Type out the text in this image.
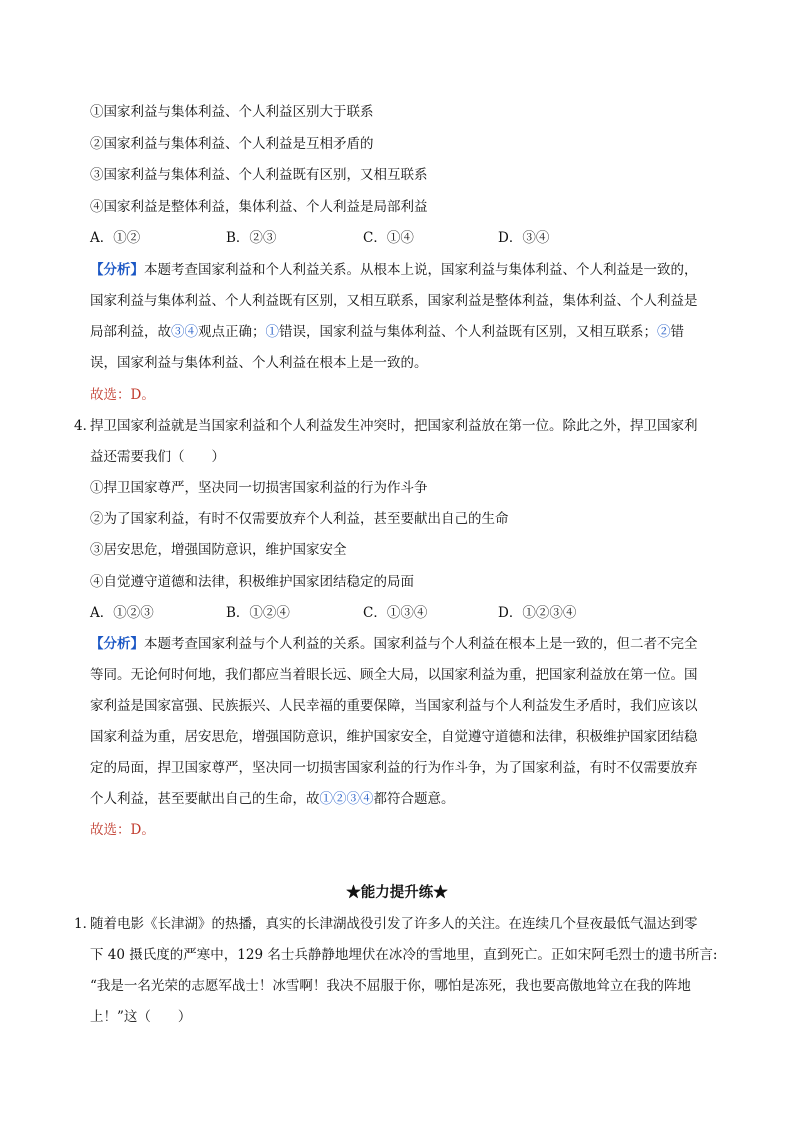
①国家利益与集体利益、个人利益区别大于联系
②国家利益与集体利益、个人利益是互相矛盾的
③国家利益与集体利益、个人利益既有区别，又相互联系
④国家利益是整体利益，集体利益、个人利益是局部利益
A．①②	B．②③	C．①④	D．③④
【分析】本题考查国家利益和个人利益关系。从根本上说，国家利益与集体利益、个人利益是一致的，
国家利益与集体利益、个人利益既有区别，又相互联系，国家利益是整体利益，集体利益、个人利益是
局部利益，故③④观点正确；①错误，国家利益与集体利益、个人利益既有区别，又相互联系；②错
误，国家利益与集体利益、个人利益在根本上是一致的。
故选：D。
4．
捍卫国家利益就是当国家利益和个人利益发生冲突时，把国家利益放在第一位。除此之外，捍卫国家利
益还需要我们（　　）
①捍卫国家尊严，坚决同一切损害国家利益的行为作斗争
②为了国家利益，有时不仅需要放弃个人利益，甚至要献出自己的生命
③居安思危，增强国防意识，维护国家安全
④自觉遵守道德和法律，积极维护国家团结稳定的局面
A．①②③	B．①②④	C．①③④	D．①②③④
【分析】本题考查国家利益与个人利益的关系。国家利益与个人利益在根本上是一致的，但二者不完全
等同。无论何时何地，我们都应当着眼长远、顾全大局，以国家利益为重，把国家利益放在第一位。国
家利益是国家富强、民族振兴、人民幸福的重要保障，当国家利益与个人利益发生矛盾时，我们应该以
国家利益为重，居安思危，增强国防意识，维护国家安全，自觉遵守道德和法律，积极维护国家团结稳
定的局面，捍卫国家尊严，坚决同一切损害国家利益的行为作斗争，为了国家利益，有时不仅需要放弃
个人利益，甚至要献出自己的生命，故①②③④都符合题意。
故选：D。
★能力提升练★
1．
随着电影《长津湖》的热播，真实的长津湖战役引发了许多人的关注。在连续几个昼夜最低气温达到零
下 40 摄氏度的严寒中，129 名士兵静静地埋伏在冰冷的雪地里，直到死亡。正如宋阿毛烈士的遗书所言:
“我是一名光荣的志愿军战士！冰雪啊！我决不屈服于你，哪怕是冻死，我也要高傲地耸立在我的阵地
上！”这（　　）
